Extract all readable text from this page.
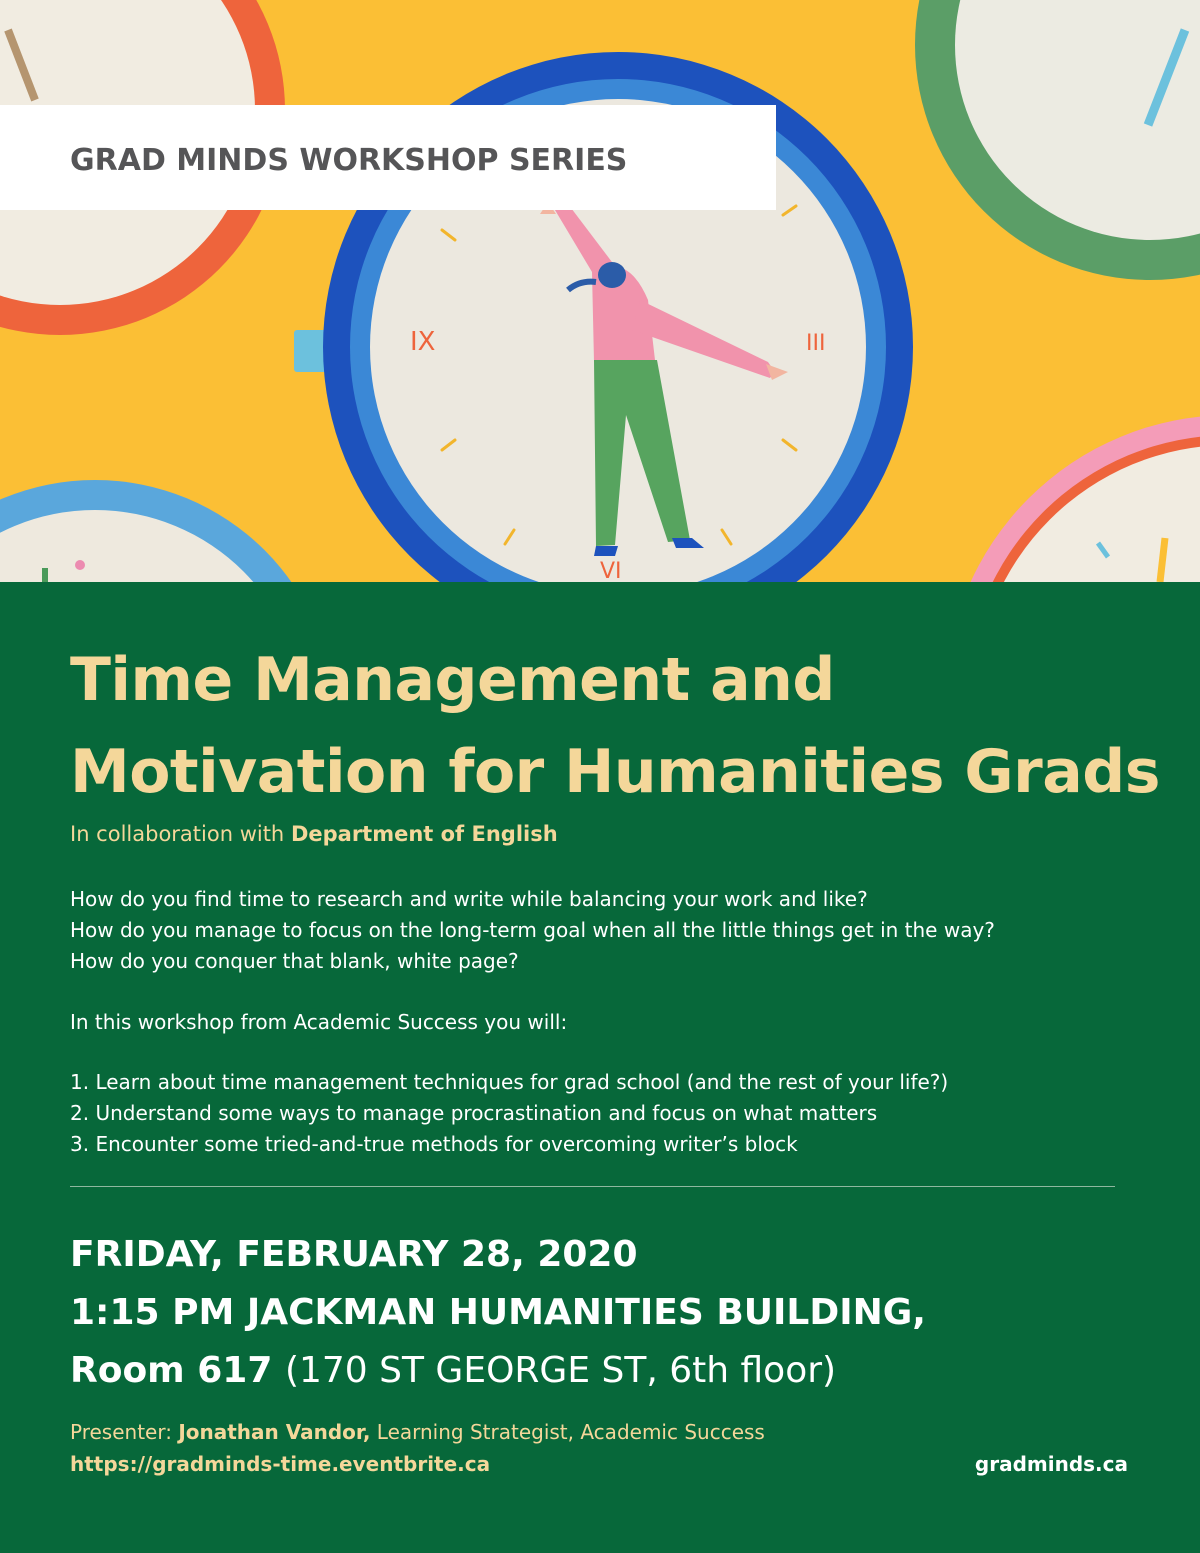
IX	III
VI
GRAD MINDS WORKSHOP SERIES
Time Management and
Motivation for Humanities Grads

In collaboration with Department of English

How do you find time to research and write while balancing your work and like?
How do you manage to focus on the long-term goal when all the little things get in the way?
How do you conquer that blank, white page?
In this workshop from Academic Success you will:
1. Learn about time management techniques for grad school (and the rest of your life?)
2. Understand some ways to manage procrastination and focus on what matters
3. Encounter some tried-and-true methods for overcoming writer’s block
FRIDAY, FEBRUARY 28, 2020
1:15 PM JACKMAN HUMANITIES BUILDING,
Room 617 (170 ST GEORGE ST, 6th floor)

Presenter: Jonathan Vandor, Learning Strategist, Academic Success

https://gradminds-time.eventbrite.ca	gradminds.ca
